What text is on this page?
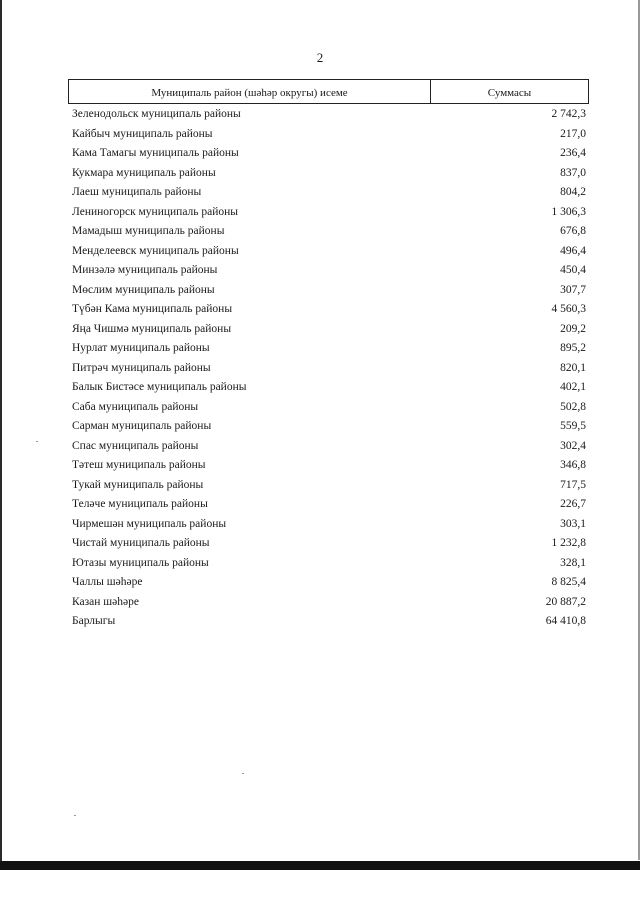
2
Муниципаль район (шәһәр округы) исеме	Суммасы
Зеленодольск муниципаль районы	2 742,3
Кайбыч муниципаль районы	217,0
Кама Тамагы муниципаль районы	236,4
Кукмара муниципаль районы	837,0
Лаеш муниципаль районы	804,2
Лениногорск муниципаль районы	1 306,3
Мамадыш муниципаль районы	676,8
Менделеевск муниципаль районы	496,4
Минзәлә муниципаль районы	450,4
Мөслим муниципаль районы	307,7
Түбән Кама муниципаль районы	4 560,3
Яңа Чишмә муниципаль районы	209,2
Нурлат муниципаль районы	895,2
Питрәч муниципаль районы	820,1
Балык Бистәсе муниципаль районы	402,1
Саба муниципаль районы	502,8
Сарман муниципаль районы	559,5
Спас муниципаль районы	302,4
Тәтеш муниципаль районы	346,8
Тукай муниципаль районы	717,5
Теләче муниципаль районы	226,7
Чирмешән муниципаль районы	303,1
Чистай муниципаль районы	1 232,8
Ютазы муниципаль районы	328,1
Чаллы шәһәре	8 825,4
Казан шәһәре	20 887,2
Барлыгы	64 410,8
